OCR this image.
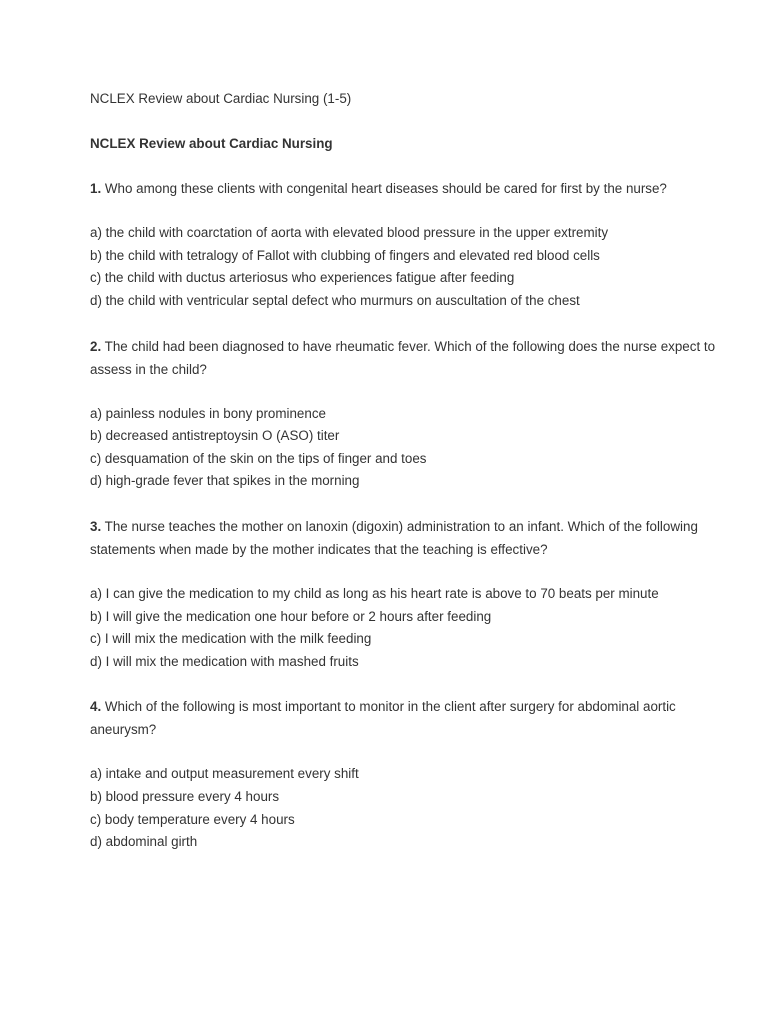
NCLEX Review about Cardiac Nursing (1-5)
NCLEX Review about Cardiac Nursing
1. Who among these clients with congenital heart diseases should be cared for first by the nurse?
a) the child with coarctation of aorta with elevated blood pressure in the upper extremity
b) the child with tetralogy of Fallot with clubbing of fingers and elevated red blood cells
c) the child with ductus arteriosus who experiences fatigue after feeding
d) the child with ventricular septal defect who murmurs on auscultation of the chest
2. The child had been diagnosed to have rheumatic fever. Which of the following does the nurse expect to assess in the child?
a) painless nodules in bony prominence
b) decreased antistreptoysin O (ASO) titer
c) desquamation of the skin on the tips of finger and toes
d) high-grade fever that spikes in the morning
3. The nurse teaches the mother on lanoxin (digoxin) administration to an infant. Which of the following statements when made by the mother indicates that the teaching is effective?
a) I can give the medication to my child as long as his heart rate is above to 70 beats per minute
b) I will give the medication one hour before or 2 hours after feeding
c) I will mix the medication with the milk feeding
d) I will mix the medication with mashed fruits
4. Which of the following is most important to monitor in the client after surgery for abdominal aortic aneurysm?
a) intake and output measurement every shift
b) blood pressure every 4 hours
c) body temperature every 4 hours
d) abdominal girth
